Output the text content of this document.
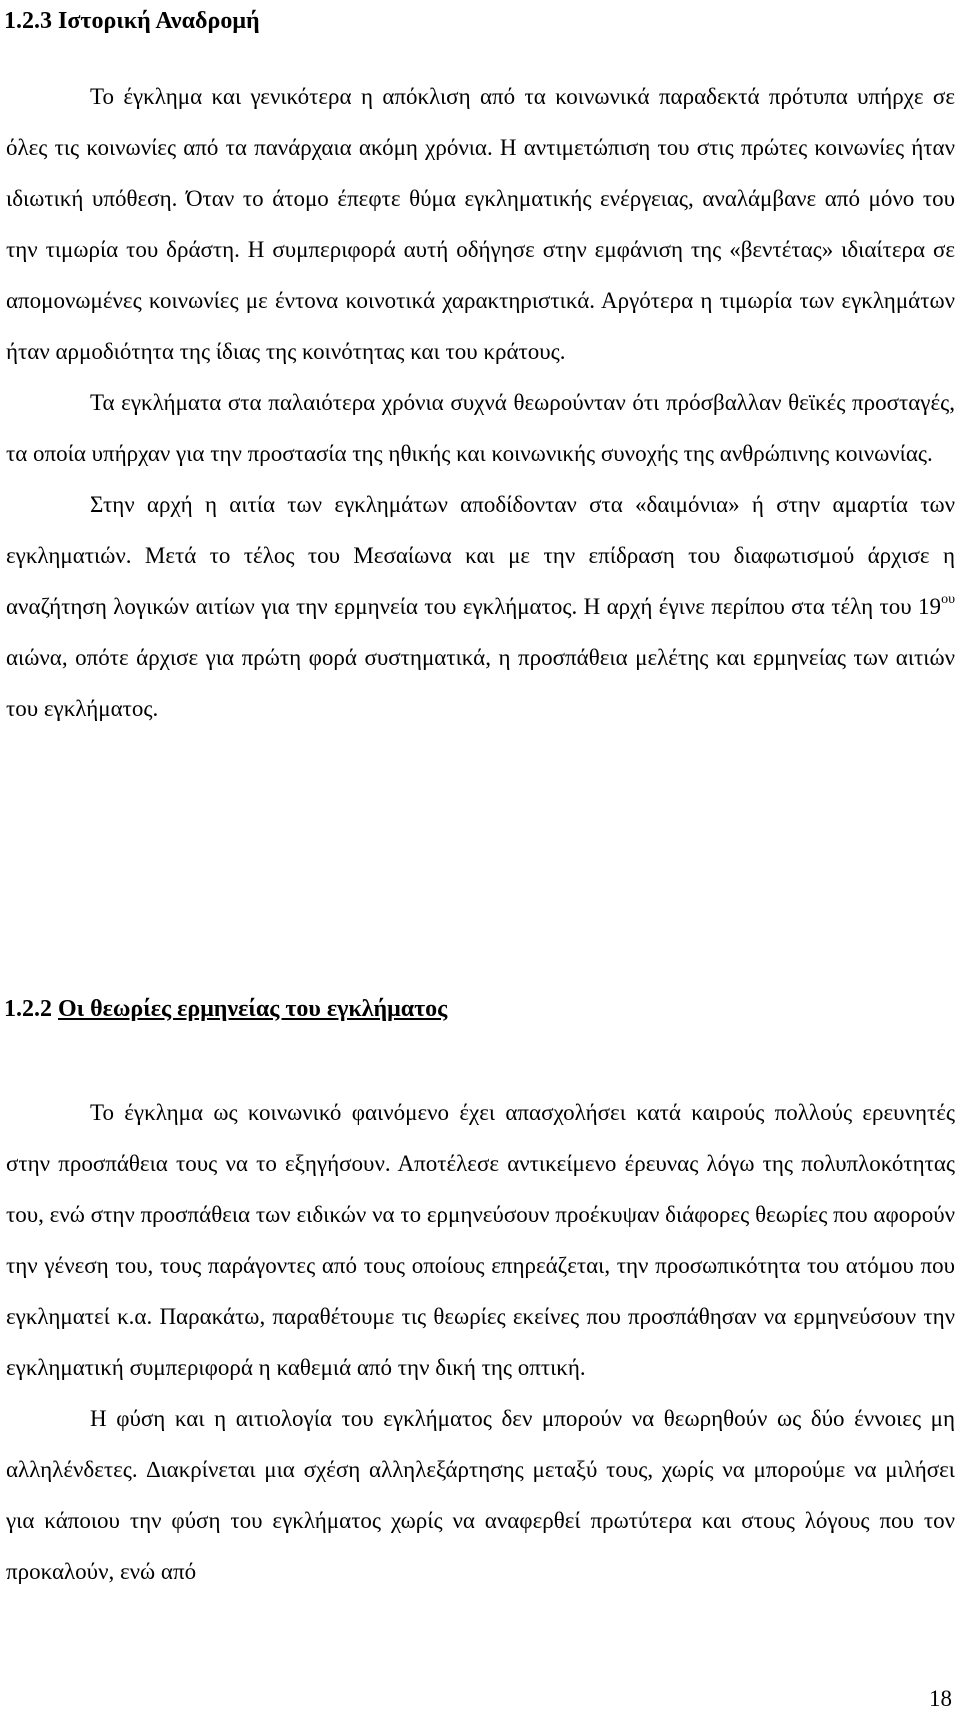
1.2.3 Ιστορική Αναδρομή

Το έγκλημα και γενικότερα η απόκλιση από τα κοινωνικά παραδεκτά πρότυπα υπήρχε σε όλες τις κοινωνίες από τα πανάρχαια ακόμη χρόνια. Η αντιμετώπιση του στις πρώτες κοινωνίες ήταν ιδιωτική υπόθεση. Όταν το άτομο έπεφτε θύμα εγκληματικής ενέργειας, αναλάμβανε από μόνο του την τιμωρία του δράστη. Η συμπεριφορά αυτή οδήγησε στην εμφάνιση της «βεντέτας» ιδιαίτερα σε απομονωμένες κοινωνίες με έντονα κοινοτικά χαρακτηριστικά. Αργότερα η τιμωρία των εγκλημάτων ήταν αρμοδιότητα της ίδιας της κοινότητας και του κράτους.

Τα εγκλήματα στα παλαιότερα χρόνια συχνά θεωρούνταν ότι πρόσβαλλαν θεϊκές προσταγές, τα οποία υπήρχαν για την προστασία της ηθικής και κοινωνικής συνοχής της ανθρώπινης κοινωνίας.

Στην αρχή η αιτία των εγκλημάτων αποδίδονταν στα «δαιμόνια» ή στην αμαρτία των εγκληματιών. Μετά το τέλος του Μεσαίωνα και με την επίδραση του διαφωτισμού άρχισε η αναζήτηση λογικών αιτίων για την ερμηνεία του εγκλήματος. Η αρχή έγινε περίπου στα τέλη του $19^{o\upsilon}$ αιώνα, οπότε άρχισε για πρώτη φορά συστηματικά, η προσπάθεια μελέτης και ερμηνείας των αιτιών του εγκλήματος.

1.2.2 Οι θεωρίες ερμηνείας του εγκλήματος

Το έγκλημα ως κοινωνικό φαινόμενο έχει απασχολήσει κατά καιρούς πολλούς ερευνητές στην προσπάθεια τους να το εξηγήσουν. Αποτέλεσε αντικείμενο έρευνας λόγω της πολυπλοκότητας του, ενώ στην προσπάθεια των ειδικών να το ερμηνεύσουν προέκυψαν διάφορες θεωρίες που αφορούν την γένεση του, τους παράγοντες από τους οποίους επηρεάζεται, την προσωπικότητα του ατόμου που εγκληματεί κ.α. Παρακάτω, παραθέτουμε τις θεωρίες εκείνες που προσπάθησαν να ερμηνεύσουν την εγκληματική συμπεριφορά η καθεμιά από την δική της οπτική.

Η φύση και η αιτιολογία του εγκλήματος δεν μπορούν να θεωρηθούν ως δύο έννοιες μη αλληλένδετες. ∆ιακρίνεται μια σχέση αλληλεξάρτησης μεταξύ τους, χωρίς να μπορούμε να μιλήσει για κάποιου την φύση του εγκλήματος χωρίς να αναφερθεί πρωτύτερα και στους λόγους που τον προκαλούν, ενώ από

18
